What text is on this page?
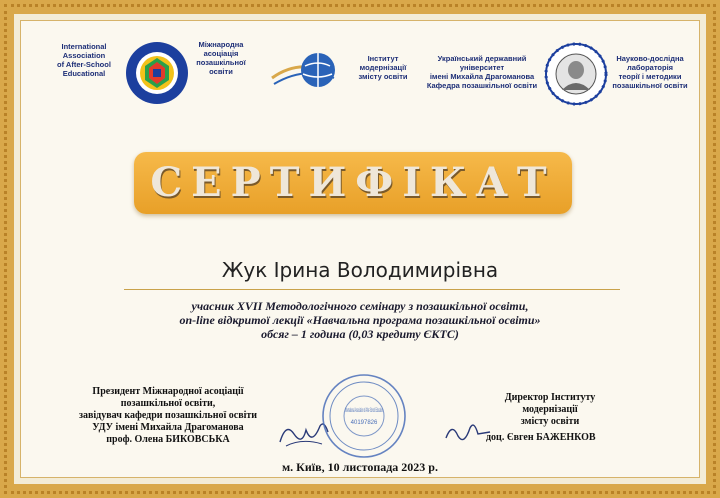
International
Association
of After-School
Educational
Міжнародна
асоціація
позашкільної
освіти
Інститут
модернізації
змісту освіти
Український державний
університет
імені Михайла Драгоманова
Кафедра позашкільної освіти
Науково-дослідна
лабораторія
теорії і методики
позашкільної освіти
СЕРТИФІКАТ
Жук Ірина Володимирівна
учасник XVII Методологічного семінару з позашкільної освіти,
on-line відкритої лекції «Навчальна програма позашкільної освіти»
обсяг – 1 година (0,03 кредиту ЄКТС)
Президент Міжнародної асоціації
позашкільної освіти,
завідувач кафедри позашкільної освіти
УДУ імені Михайла Драгоманова
проф. Олена БИКОВСЬКА
International Association of After-School Education
40197826
Директор Інституту
модернізації
змісту освіти
доц. Євген БАЖЕНКОВ
м. Київ, 10 листопада 2023 р.
